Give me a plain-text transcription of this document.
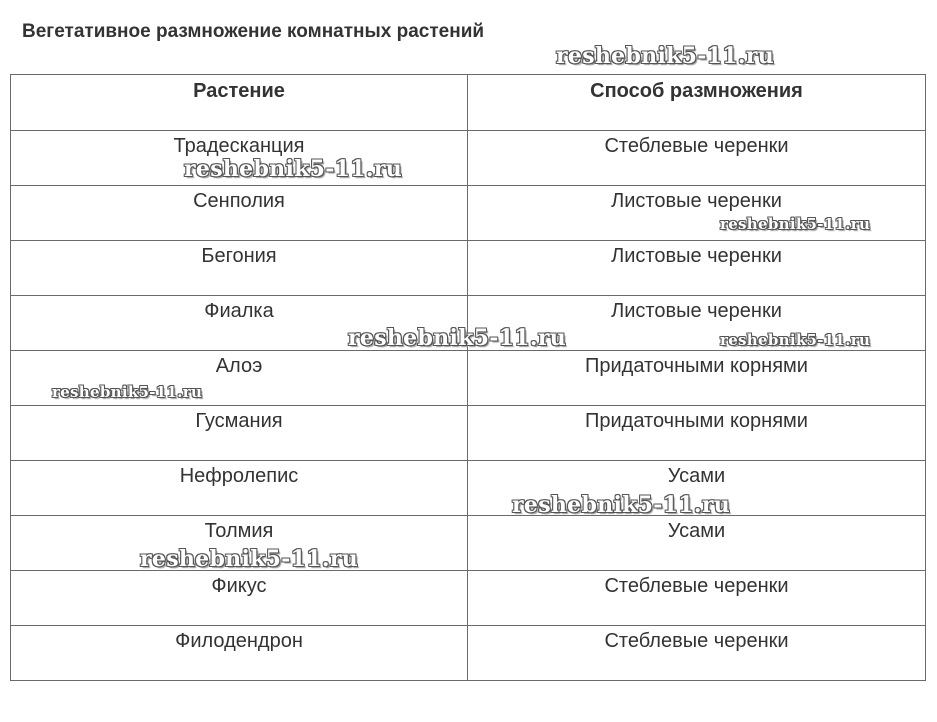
Вегетативное размножение комнатных растений
Растение	Способ размножения

Традесканция	Стеблевые черенки

Сенполия	Листовые черенки

Бегония	Листовые черенки

Фиалка	Листовые черенки

Алоэ	Придаточными корнями

Гусмания	Придаточными корнями

Нефролепис	Усами

Толмия	Усами

Фикус	Стеблевые черенки

Филодендрон	Стеблевые черенки
reshebnik5-11.ru
reshebnik5-11.ru
reshebnik5-11.ru
reshebnik5-11.ru	reshebnik5-11.ru
reshebnik5-11.ru
reshebnik5-11.ru
reshebnik5-11.ru
